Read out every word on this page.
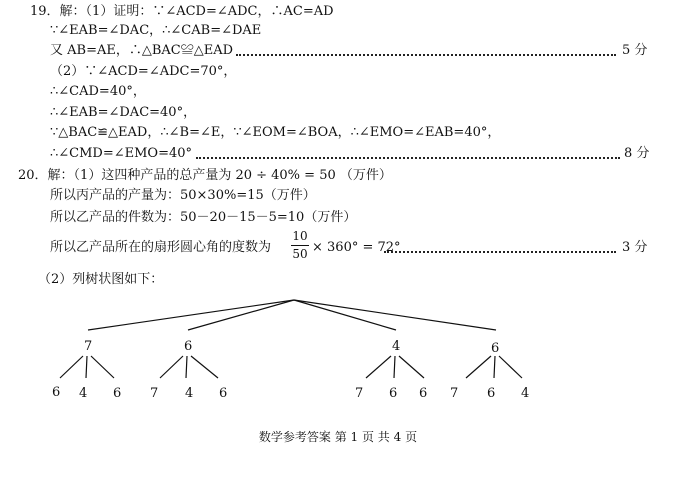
19．解：（1）证明：∵∠ACD=∠ADC，∴AC=AD
∵∠EAB=∠DAC，∴∠CAB=∠DAE
又 AB=AE，∴△BAC≌△EAD	5 分
（2）∵∠ACD=∠ADC=70°，
∴∠CAD=40°，
∴∠EAB=∠DAC=40°，
∵△BAC≌△EAD，∴∠B=∠E，∵∠EOM=∠BOA，∴∠EMO=∠EAB=40°，
∴∠CMD=∠EMO=40°	8 分
20．解：（1）这四种产品的总产量为 20 ÷ 40% = 50 （万件）
所以丙产品的产量为：50×30%=15（万件）
所以乙产品的件数为：50－20－15－5=10（万件）
所以乙产品所在的扇形圆心角的度数为
10
50 × 360° = 72°	3 分
（2）列树状图如下：
7	6	4	6
6 4 6 7 4 6	7 6 6 7 6 4
数学参考答案 第 1 页 共 4 页
